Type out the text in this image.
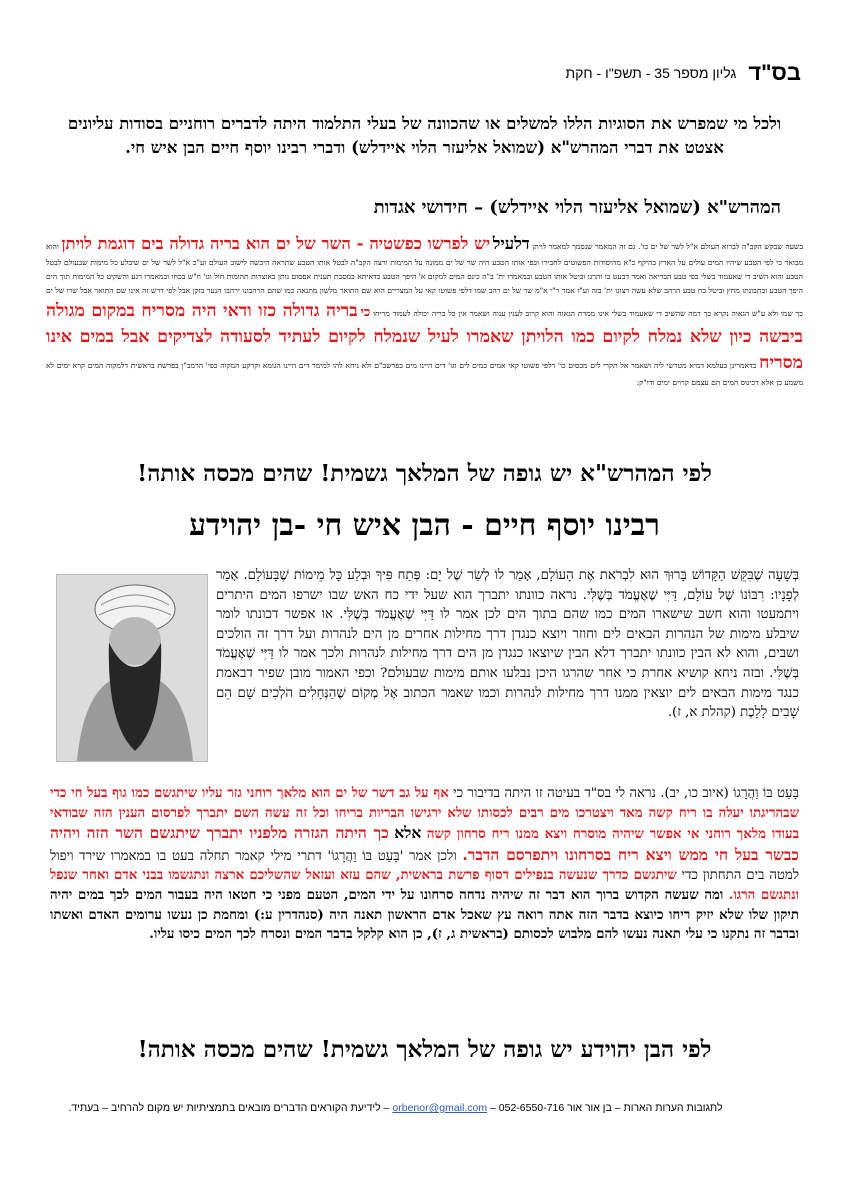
בס"ד
גליון מספר 35 - תשפ"ו - חקת
ולכל מי שמפרש את הסוגיות הללו למשלים או שהכוונה של בעלי התלמוד היתה לדברים רוחניים בסודות עליונים אצטט את דברי המהרש"א (שמואל אליעזר הלוי איידלש) ודברי רבינו יוסף חיים הבן איש חי.
המהרש"א (שמואל אליעזר הלוי איידלש) – חידושי אגדות
בשעה שבקש הקב"ה לברוא העולם א"ל לשר של ים כו'. גם זה המאמר שנסמך למאמר לויתן דלעיל יש לפרשו כפשטיה - השר של ים הוא בריה גדולה בים דוגמת לויתן והוא מבואר כי לפי הטבע שיהיו המים עולים על הארץ בהיקף כ"א מהיסודות הפשוטים לחבירו וכפי אותו הטבע היה שר של ים ממונה על המימות ורצה הקב"ה לבטל אותו הטבע שתראה היבשה לישוב העולם וע"כ א"ל לשר של ים שיבלע כל מימות שבעולם לבטל הטבע והוא השיב די שאעמוד בשלי כפי טבע הבריאה ואמר דבעט בו והרגו וביטל אותו הטבע ובמאמרו ית' ב"ה כינס המים למקום א' היפך הטבע כדאיתא במסכת תענית אפסום נותן באוצרות תהומות חול וגו' וז"ש בכחו ובמאמרו רגע והשקיט כל המימות תוך הים היפך הטבע ובתבונתו מחץ וביטל כח טבע הרהב שלא עשה רצונו ית' בזה וע"ז אמר ר"י א"מ שר של ים רהב שמו דלפי פשוטו קאי על המצריים הוא שם התואר מלשון מתגאה כמו שהם הרהבונו ירהבו הנער בזקן אבל לפי דרש זה אינו שם התואר אבל שרו של ים כך שמו ולא ע"ש הגאוה נקרא כך דמה שהשיב די שאעמוד בשלי אינו ממדת הגאוה והוא קרוב לענין ענוה ושאמר אין כל בריה יכולה לעמוד מריחו כי בריה גדולה כזו ודאי היה מסריח במקום מגולה ביבשה כיון שלא נמלח לקיום כמו הלויתן שאמרו לעיל שנמלח לקיום לעתיד לסעודה לצדיקים אבל במים אינו מסריח כדאמרינן בעלמא דמיא מטרשי ליה ושאמר אל תקרי לים מכסים כו' דלפי פשוטו קאי אמים כמים לים וגו' דים היינו מים כפרשב"ם ולא ניחא להו למימר דים היינו הגומא וקרקע המקוה כפי' הרמב"ן בפרשת בראשית דלמקוה המים קרא ימים לא משמע כן אלא דכינוס המים הם עצמם קרוים ימים ודו"ק:
לפי המהרש"א יש גופה של המלאך גשמית! שהים מכסה אותה!
רבינו יוסף חיים - הבן איש חי -בן יהוידע
בְּשָׁעָה שֶׁבִּקֵּשׁ הַקָּדוֹשׁ בָּרוּךְ הוּא לִבְרֹאת אֶת הָעוֹלָם, אָמַר לוֹ לְשַׂר שֶׁל יָם: פְּתַח פִּיךָ וּבְלַע כָּל מֵימוֹת שֶׁבָּעוֹלָם. אָמַר לְפָנָיו: רִבּוֹנוֹ שֶׁל עוֹלָם, דַּיִּי שֶׁאֶעֱמֹד בְּשֶׁלִּי. נראה כוונתו יתברך הוא שעל ידי כח האש שבו ישרפו המים היתרים ויתמעטו והוא חשב שישארו המים כמו שהם בתוך הים לכן אמר לו דַּיִּי שֶׁאֶעֱמֹד בְּשֶׁלִּי. או אפשר דכונתו לומר שיבלע מימות של הנהרות הבאים לים וחוזר ויוצא כנגדן דרך מחילות אחרים מן הים לנהרות ועל דרך זה הולכים ושבים, והוא לא הבין כוונתו יתברך דלא הבין שיוצאו כנגדן מן הים דרך מחילות לנהרות ולכך אמר לו דַּיִּי שֶׁאֶעֱמֹד בְּשֶׁלִּי. ובזה ניחא קושיא אחרת כי אחר שהרגו היכן נבלעו אותם מימות שבעולם? וכפי האמור מובן שפיר דבאמת כנגד מימות הבאים לים יוצאין ממנו דרך מחילות לנהרות וכמו שאמר הכתוב אֶל מְקוֹם שֶׁהַנְּחָלִים הֹלְכִים שָׁם הֵם שָׁבִים לָלָכֶת (קהלת א, ז).
בָּעַט בּוֹ וַהֲרָגוֹ (איוב כו, יב). נראה לי בס"ד בעיטה זו היתה בדיבור כי אף על גב דשר של ים הוא מלאך רוחני גזר עליו שיתגשם כמו גוף בעל חי כדי שבהריגתו יעלה בו ריח קשה מאד ויצטרכו מים רבים לכסותו שלא ירגישו הבריות בריחו וכל זה עשה השם יתברך לפרסום הענין הזה שבודאי בעודו מלאך רוחני אי אפשר שיהיה מוסרח ויצא ממנו ריח סרחון קשה אלא כך היתה הגזרה מלפניו יתברך שיתגשם השר הזה ויהיה כבשר בעל חי ממש ויצא ריח בסרחונו ויתפרסם הדבר. ולכן אמר 'בָּעַט בּוֹ וַהֲרָגוֹ' דתרי מילי קאמר תחלה בעט בו במאמרו שירד ויפול למטה בים התחתון כדי שיתגשם כדרך שנעשה בנפילים דסוף פרשת בראשית, שהם עזא ועזאל שהשליכם ארצה ונתגשמו בבני אדם ואחר שנפל ונתגשם הרגו. ומה שעשה הקדוש ברוך הוא דבר זה שיהיה נדחה סרחונו על ידי המים, הטעם מפני כי חטאו היה בעבור המים לכך במים יהיה תיקון שלו שלא יזיק ריחו כיוצא בדבר הזה אתה רואה עץ שאכל אדם הראשון תאנה היה (סנהדרין ע:) ומחמת כן נעשו ערומים האדם ואשתו ובדבר זה נתקנו כי עלי תאנה נעשו להם מלבוש לכסותם (בראשית ג, ז), כן הוא קלקל בדבר המים ונסרח לכך המים כיסו עליו.
לפי הבן יהוידע יש גופה של המלאך גשמית! שהים מכסה אותה!
לתגובות הערות הארות – בן אור אור orbenor@gmail.com – 052-6550-716 – לידיעת הקוראים הדברים מובאים בתמציתיות יש מקום להרחיב – בעתיד.
